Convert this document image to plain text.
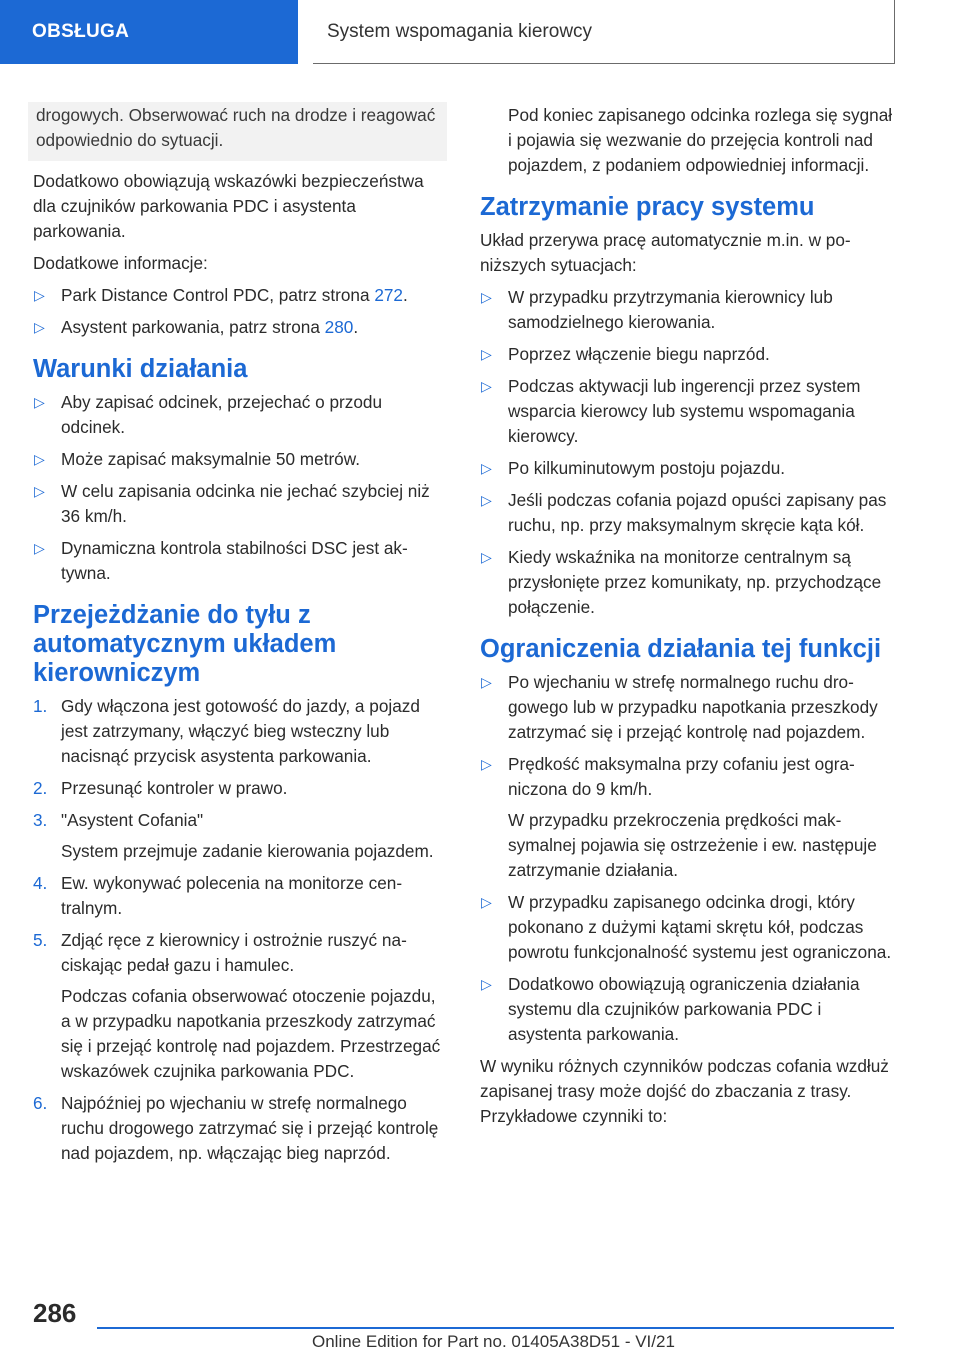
OBSŁUGA	System wspomagania kierowcy

drogowych. Obserwować ruch na drodze i reagować odpowiednio do sytuacji.

Dodatkowo obowiązują wskazówki bezpieczeństwa dla czujników parkowania PDC i asystenta parkowania.

Dodatkowe informacje:

▷ Park Distance Control PDC, patrz strona 272.

▷ Asystent parkowania, patrz strona 280.

Warunki działania
▷ Aby zapisać odcinek, przejechać o przodu odcinek.

▷ Może zapisać maksymalnie 50 metrów.

▷ W celu zapisania odcinka nie jechać szybciej niż 36 km/h.

▷ Dynamiczna kontrola stabilności DSC jest aktywna.

Przejeżdżanie do tyłu z automatycznym układem kierowniczym
1. Gdy włączona jest gotowość do jazdy, a pojazd jest zatrzymany, włączyć bieg wsteczny lub nacisnąć przycisk asystenta parkowania.

2. Przesunąć kontroler w prawo.

3. "Asystent Cofania"

System przejmuje zadanie kierowania pojazdem.

4. Ew. wykonywać polecenia na monitorze centralnym.

5. Zdjąć ręce z kierownicy i ostrożnie ruszyć naciskając pedał gazu i hamulec.

Podczas cofania obserwować otoczenie pojazdu, a w przypadku napotkania przeszkody zatrzymać się i przejąć kontrolę nad pojazdem. Przestrzegać wskazówek czujnika parkowania PDC.

6. Najpóźniej po wjechaniu w strefę normalnego ruchu drogowego zatrzymać się i przejąć kontrolę nad pojazdem, np. włączając bieg naprzód.

Pod koniec zapisanego odcinka rozlega się sygnał i pojawia się wezwanie do przejęcia kontroli nad pojazdem, z podaniem odpowiedniej informacji.

Zatrzymanie pracy systemu

Układ przerywa pracę automatycznie m.in. w poniższych sytuacjach:

▷ W przypadku przytrzymania kierownicy lub samodzielnego kierowania.

▷ Poprzez włączenie biegu naprzód.

▷ Podczas aktywacji lub ingerencji przez system wsparcia kierowcy lub systemu wspomagania kierowcy.

▷ Po kilkuminutowym postoju pojazdu.

▷ Jeśli podczas cofania pojazd opuści zapisany pas ruchu, np. przy maksymalnym skręcie kąta kół.

▷ Kiedy wskaźnika na monitorze centralnym są przysłonięte przez komunikaty, np. przychodzące połączenie.

Ograniczenia działania tej funkcji
▷ Po wjechaniu w strefę normalnego ruchu drogowego lub w przypadku napotkania przeszkody zatrzymać się i przejąć kontrolę nad pojazdem.

▷ Prędkość maksymalna przy cofaniu jest ograniczona do 9 km/h.

W przypadku przekroczenia prędkości maksymalnej pojawia się ostrzeżenie i ew. następuje zatrzymanie działania.

▷ W przypadku zapisanego odcinka drogi, który pokonano z dużymi kątami skrętu kół, podczas powrotu funkcjonalność systemu jest ograniczona.

▷ Dodatkowo obowiązują ograniczenia działania systemu dla czujników parkowania PDC i asystenta parkowania.

W wyniku różnych czynników podczas cofania wzdłuż zapisanej trasy może dojść do zbaczania z trasy. Przykładowe czynniki to:

286
Online Edition for Part no. 01405A38D51 - VI/21
